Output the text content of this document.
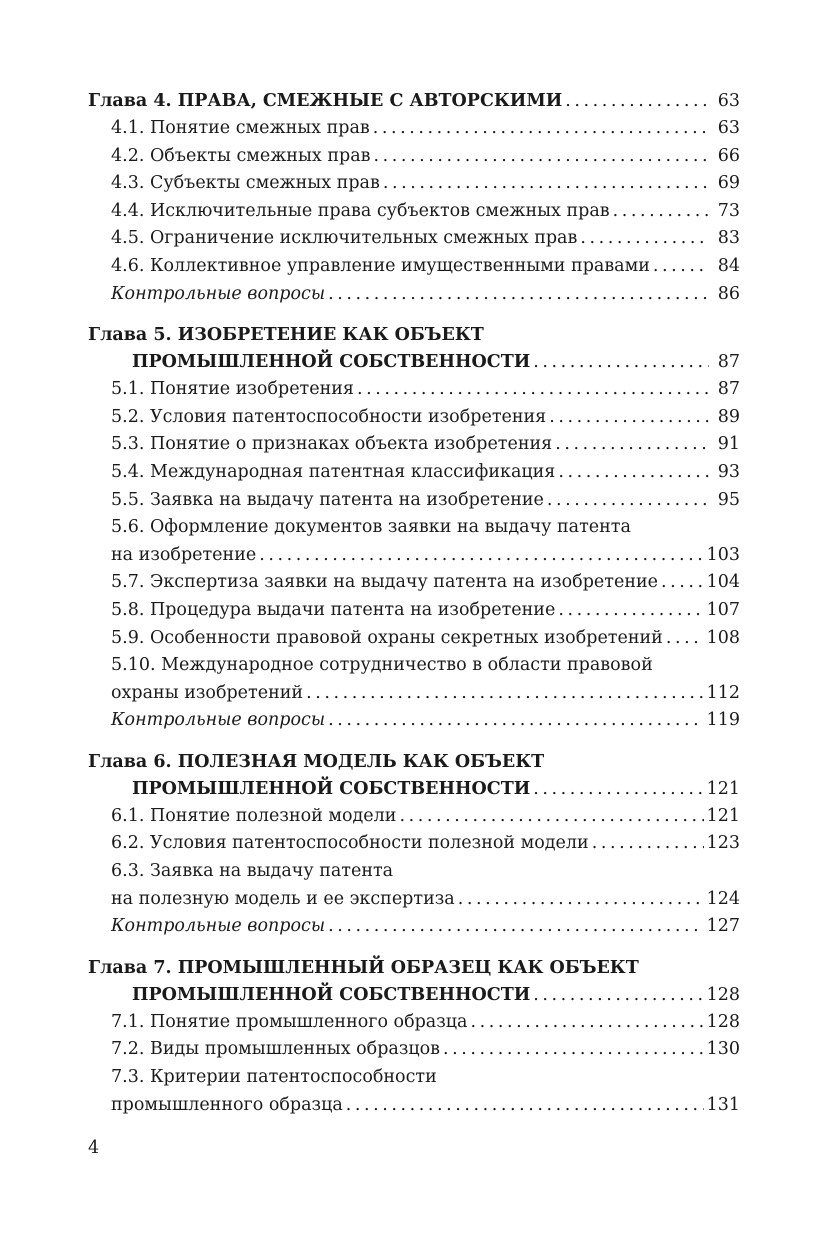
Глава 4. ПРАВА, СМЕЖНЫЕ С АВТОРСКИМИ . . .	63
4.1. Понятие смежных прав . . .	63
4.2. Объекты смежных прав . . .	66
4.3. Субъекты смежных прав . . .	69
4.4. Исключительные права субъектов смежных прав . . .	73
4.5. Ограничение исключительных смежных прав . . .	83
4.6. Коллективное управление имущественными правами . . .	84
Контрольные вопросы . . .	86
Глава 5. ИЗОБРЕТЕНИЕ КАК ОБЪЕКТ
ПРОМЫШЛЕННОЙ СОБСТВЕННОСТИ . . .	87
5.1. Понятие изобретения . . .	87
5.2. Условия патентоспособности изобретения . . .	89
5.3. Понятие о признаках объекта изобретения . . .	91
5.4. Международная патентная классификация . . .	93
5.5. Заявка на выдачу патента на изобретение . . .	95
5.6. Оформление документов заявки на выдачу патента
на изобретение . . .	103
5.7. Экспертиза заявки на выдачу патента на изобретение . . .	104
5.8. Процедура выдачи патента на изобретение . . .	107
5.9. Особенности правовой охраны секретных изобретений . . .	108
5.10. Международное сотрудничество в области правовой
охраны изобретений . . .	112
Контрольные вопросы . . .	119
Глава 6. ПОЛЕЗНАЯ МОДЕЛЬ КАК ОБЪЕКТ
ПРОМЫШЛЕННОЙ СОБСТВЕННОСТИ . . .	121
6.1. Понятие полезной модели . . .	121
6.2. Условия патентоспособности полезной модели . . .	123
6.3. Заявка на выдачу патента
на полезную модель и ее экспертиза . . .	124
Контрольные вопросы . . .	127
Глава 7. ПРОМЫШЛЕННЫЙ ОБРАЗЕЦ КАК ОБЪЕКТ
ПРОМЫШЛЕННОЙ СОБСТВЕННОСТИ . . .	128
7.1. Понятие промышленного образца . . .	128
7.2. Виды промышленных образцов . . .	130
7.3. Критерии патентоспособности
промышленного образца . . .	131
4
